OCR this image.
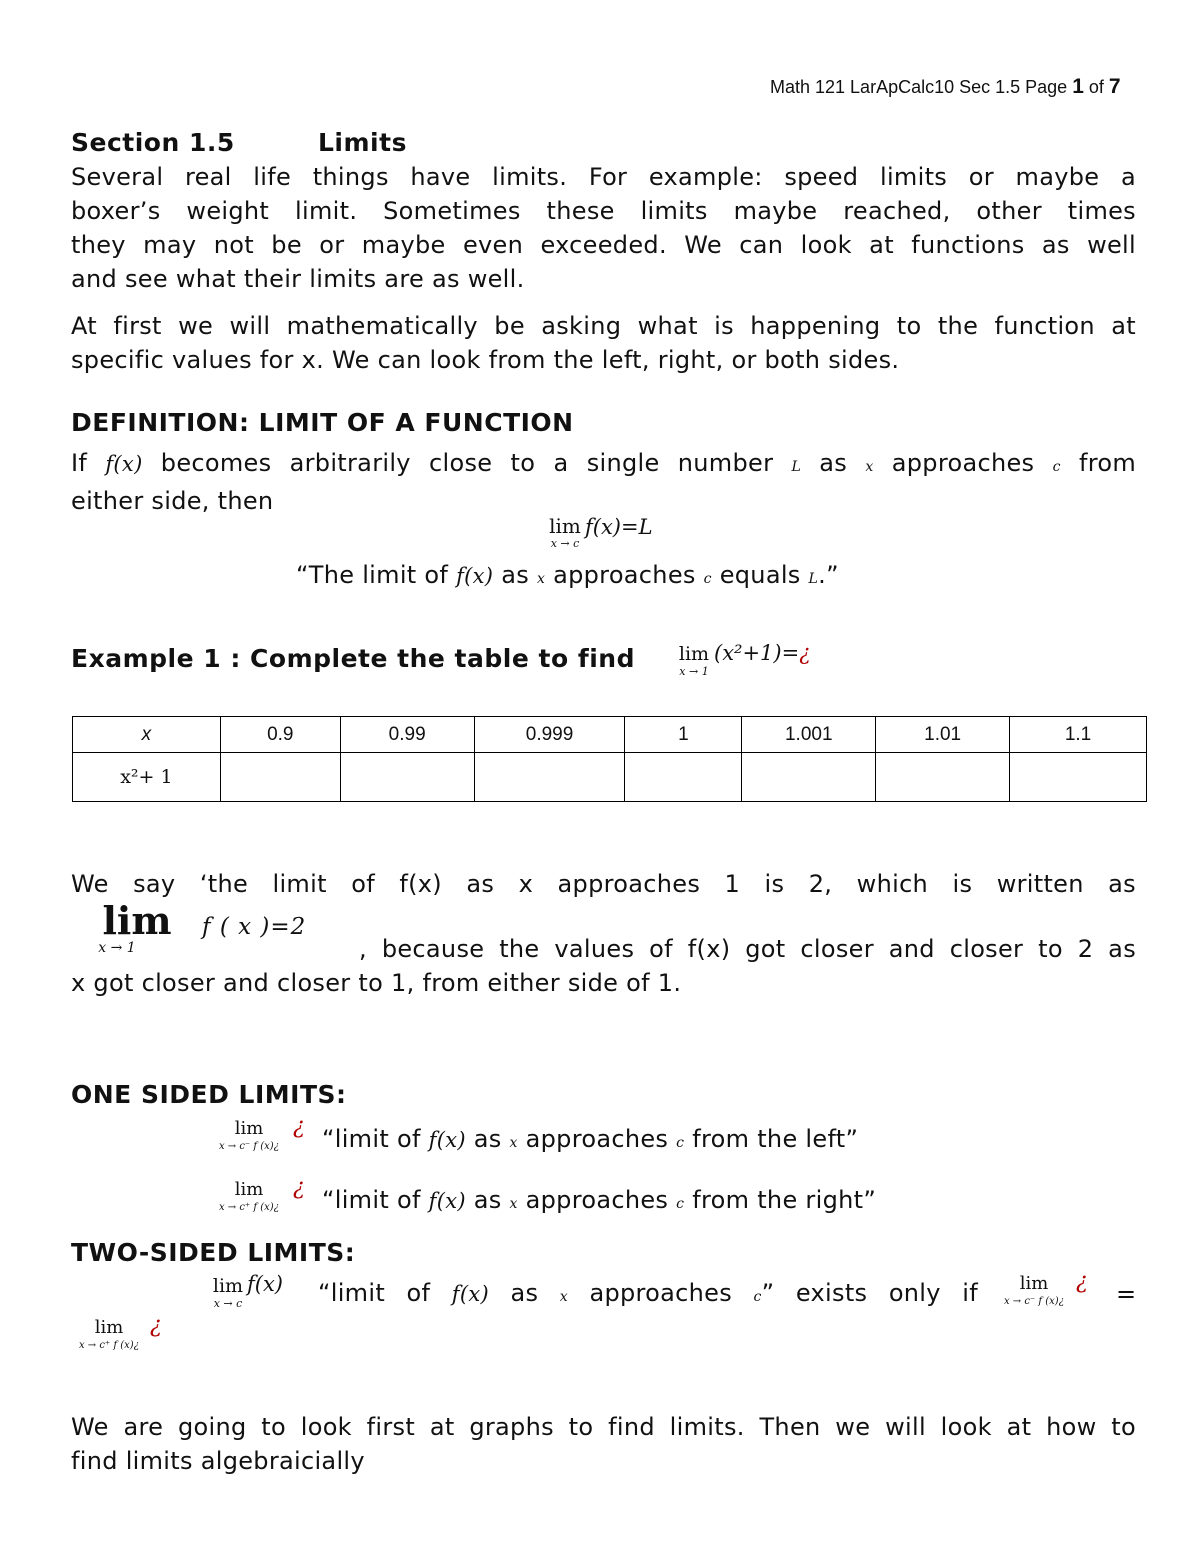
Math 121 LarApCalc10 Sec 1.5 Page 1 of 7
Section 1.5	Limits
Several real life things have limits. For example: speed limits or maybe a
boxer’s weight limit. Sometimes these limits maybe reached, other times
they may not be or maybe even exceeded. We can look at functions as well
and see what their limits are as well.
At first we will mathematically be asking what is happening to the function at
specific values for x. We can look from the left, right, or both sides.
DEFINITION: LIMIT OF A FUNCTION
If f(x) becomes arbitrarily close to a single number L as x approaches c from
either side, then
lim
x → c
f(x)=L
“The limit of f(x) as x approaches c equals L.”
Example 1 : Complete the table to find lim
x → 1
(x²+1)=¿
x	0.9	0.99	0.999	1	1.001	1.01	1.1
x²+ 1							
We say ‘the limit of f(x) as x approaches 1 is 2, which is written as
lim
x → 1
f ( x )=2
, because the values of f(x) got closer and closer to 2 as
x got closer and closer to 1, from either side of 1.
ONE SIDED LIMITS:
lim
x → c⁻ f (x)¿
¿ “limit of f(x) as x approaches c from the left”
lim
x → c⁺ f (x)¿
¿ “limit of f(x) as x approaches c from the right”
TWO-SIDED LIMITS:
lim
x → c
f(x) “limit of f(x) as x approaches c” exists only if	lim
x → c⁻ f (x)¿
¿ =
lim
x → c⁺ f (x)¿
¿
We are going to look first at graphs to find limits. Then we will look at how to
find limits algebraicially
